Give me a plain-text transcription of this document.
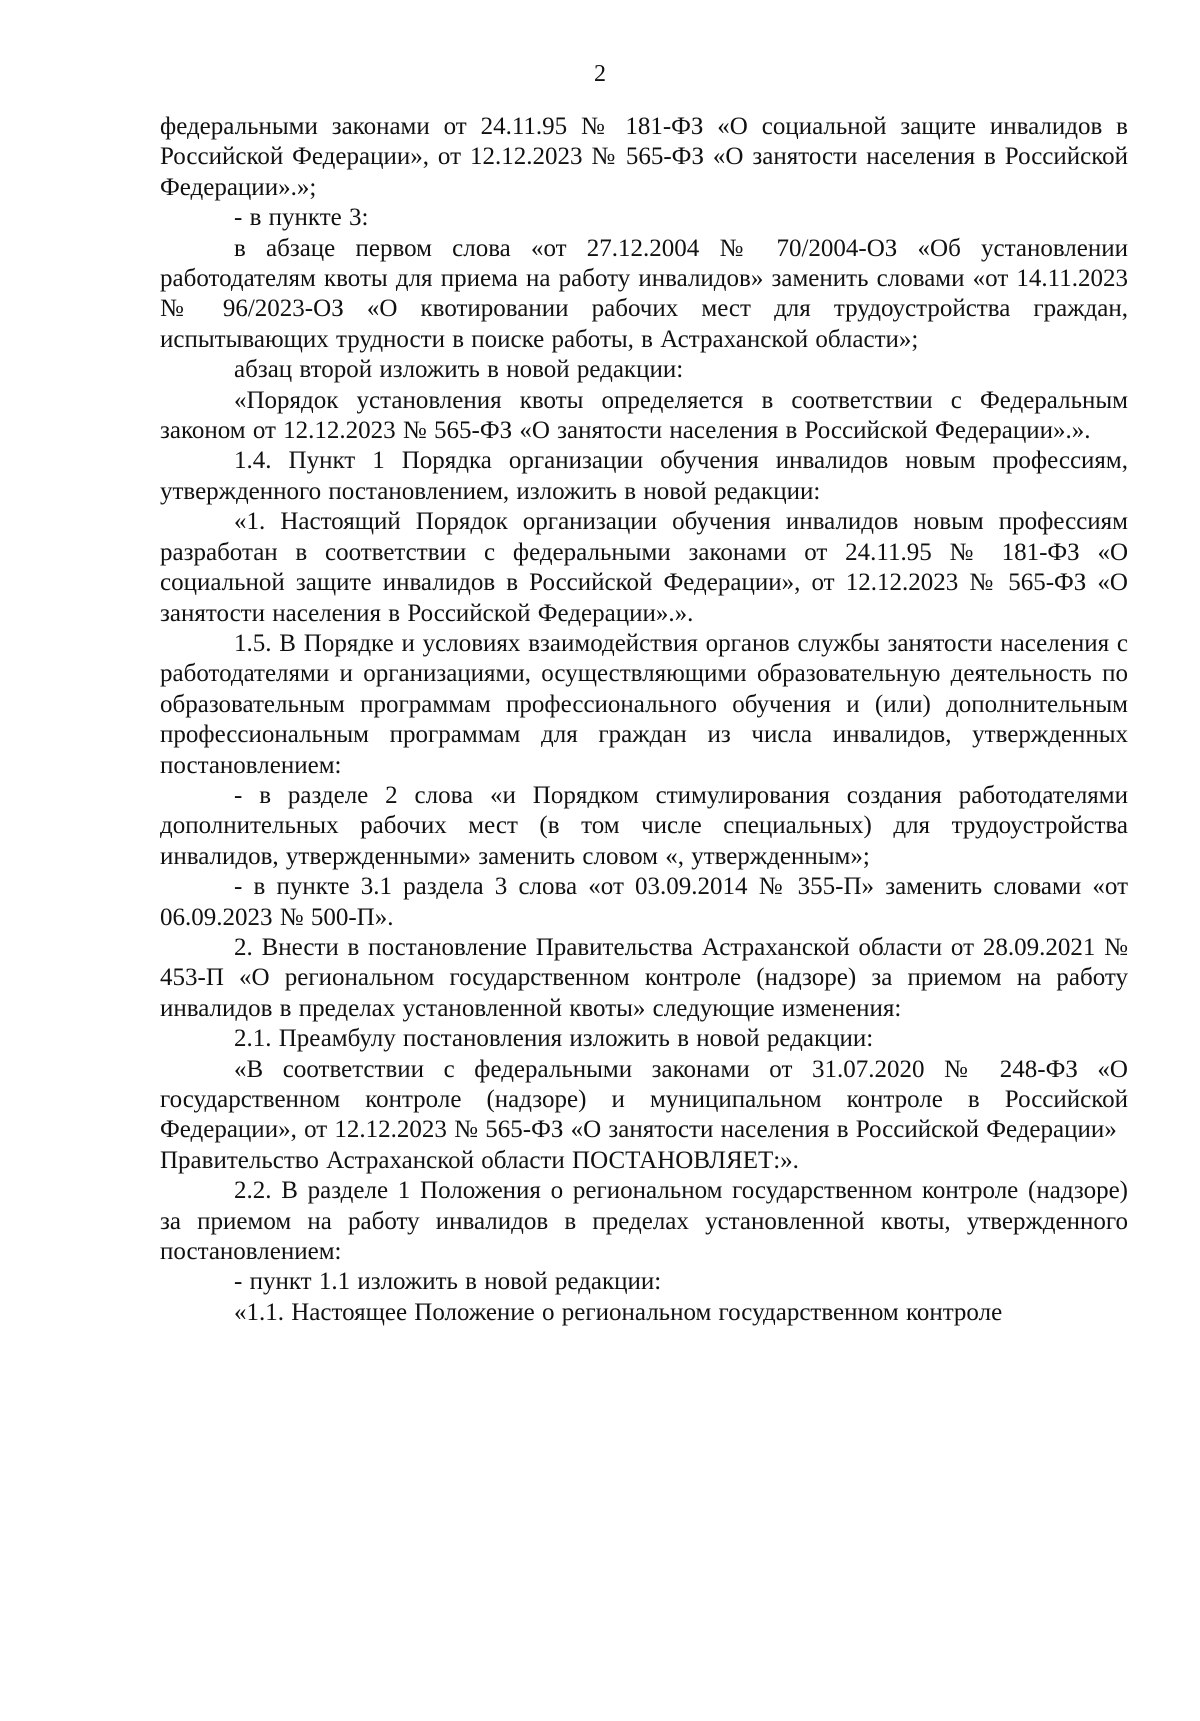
2

федеральными законами от 24.11.95 № 181-ФЗ «О социальной защите инвалидов в Российской Федерации», от 12.12.2023 № 565-ФЗ «О занятости населения в Российской Федерации».»;

- в пункте 3:

в абзаце первом слова «от 27.12.2004 № 70/2004-ОЗ «Об установлении работодателям квоты для приема на работу инвалидов» заменить словами «от 14.11.2023 № 96/2023-ОЗ «О квотировании рабочих мест для трудоустройства граждан, испытывающих трудности в поиске работы, в Астраханской области»;

абзац второй изложить в новой редакции:

«Порядок установления квоты определяется в соответствии с Федеральным законом от 12.12.2023 № 565-ФЗ «О занятости населения в Российской Федерации».».

1.4. Пункт 1 Порядка организации обучения инвалидов новым профессиям, утвержденного постановлением, изложить в новой редакции:

«1. Настоящий Порядок организации обучения инвалидов новым профессиям разработан в соответствии с федеральными законами от 24.11.95 № 181-ФЗ «О социальной защите инвалидов в Российской Федерации», от 12.12.2023 № 565-ФЗ «О занятости населения в Российской Федерации».».

1.5. В Порядке и условиях взаимодействия органов службы занятости населения с работодателями и организациями, осуществляющими образовательную деятельность по образовательным программам профессионального обучения и (или) дополнительным профессиональным программам для граждан из числа инвалидов, утвержденных постановлением:

- в разделе 2 слова «и Порядком стимулирования создания работодателями дополнительных рабочих мест (в том числе специальных) для трудоустройства инвалидов, утвержденными» заменить словом «, утвержденным»;

- в пункте 3.1 раздела 3 слова «от 03.09.2014 № 355-П» заменить словами «от 06.09.2023 № 500-П».

2. Внести в постановление Правительства Астраханской области от 28.09.2021 № 453-П «О региональном государственном контроле (надзоре) за приемом на работу инвалидов в пределах установленной квоты» следующие изменения:

2.1. Преамбулу постановления изложить в новой редакции:

«В соответствии с федеральными законами от 31.07.2020 № 248-ФЗ «О государственном контроле (надзоре) и муниципальном контроле в Российской Федерации», от 12.12.2023 № 565-ФЗ «О занятости населения в Российской Федерации»

Правительство Астраханской области ПОСТАНОВЛЯЕТ:».

2.2. В разделе 1 Положения о региональном государственном контроле (надзоре) за приемом на работу инвалидов в пределах установленной квоты, утвержденного постановлением:

- пункт 1.1 изложить в новой редакции:

«1.1. Настоящее Положение о региональном государственном контроле
